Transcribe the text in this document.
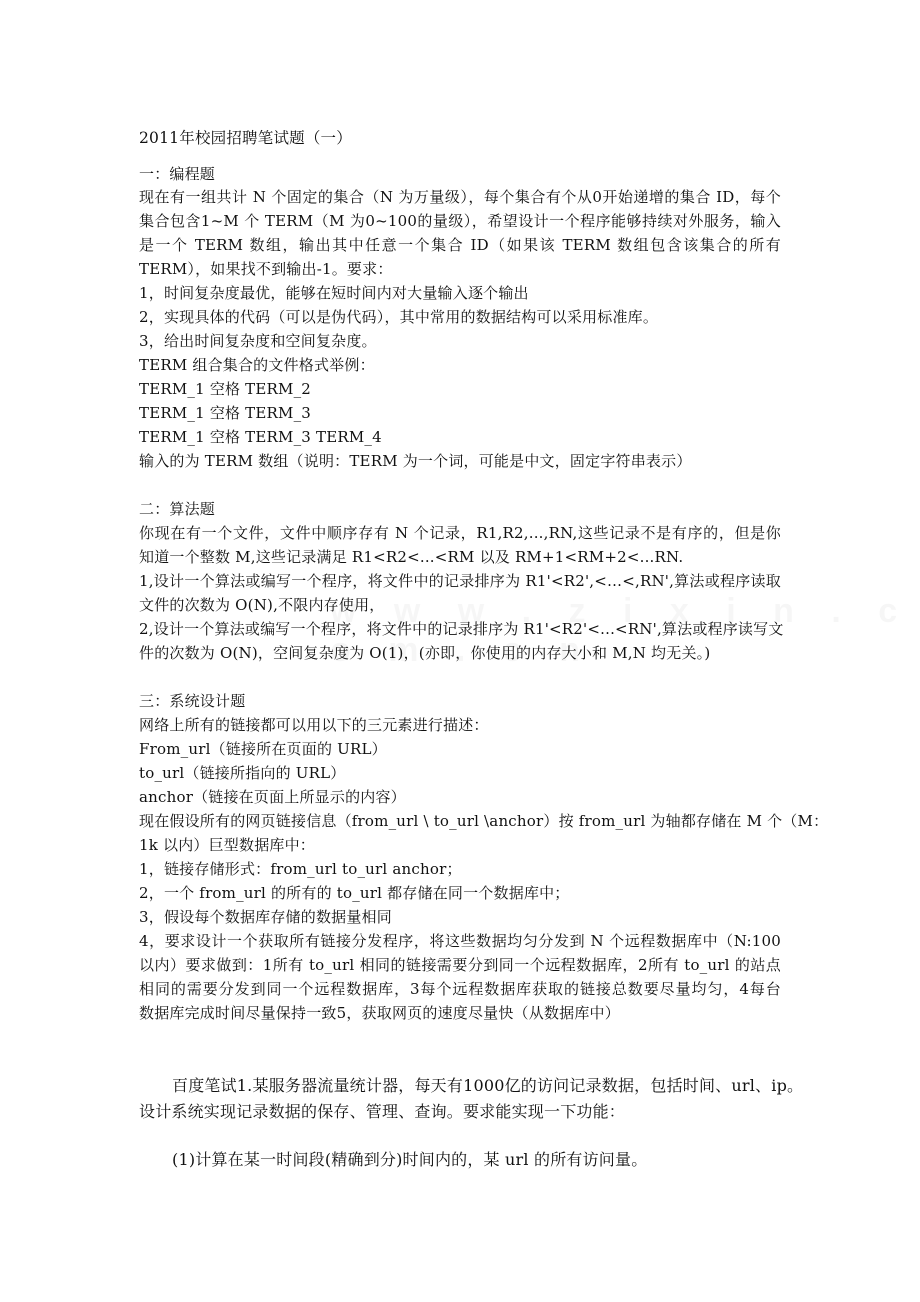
2011年校园招聘笔试题（一）
一：编程题
现在有一组共计 N 个固定的集合（N 为万量级），每个集合有个从0开始递增的集合 ID，每个
集合包含1~M 个 TERM（M 为0~100的量级），希望设计一个程序能够持续对外服务，输入
是一个 TERM 数组，输出其中任意一个集合 ID（如果该 TERM 数组包含该集合的所有
TERM），如果找不到输出-1。要求：
1，时间复杂度最优，能够在短时间内对大量输入逐个输出
2，实现具体的代码（可以是伪代码），其中常用的数据结构可以采用标准库。
3，给出时间复杂度和空间复杂度。
TERM 组合集合的文件格式举例：
TERM_1 空格 TERM_2
TERM_1 空格 TERM_3
TERM_1 空格 TERM_3 TERM_4
输入的为 TERM 数组（说明：TERM 为一个词，可能是中文，固定字符串表示）
二：算法题
你现在有一个文件，文件中顺序存有 N 个记录，R1,R2,...,RN,这些记录不是有序的，但是你
知道一个整数 M,这些记录满足 R1<R2<...<RM 以及 RM+1<RM+2<...RN.
1,设计一个算法或编写一个程序，将文件中的记录排序为 R1'<R2',<…<,RN',算法或程序读取
文件的次数为 O(N),不限内存使用，
2,设计一个算法或编写一个程序，将文件中的记录排序为 R1'<R2'<...<RN',算法或程序读写文
件的次数为 O(N)，空间复杂度为 O(1)，(亦即，你使用的内存大小和 M,N 均无关。)
三：系统设计题
网络上所有的链接都可以用以下的三元素进行描述：
From_url（链接所在页面的 URL）
to_url（链接所指向的 URL）
anchor（链接在页面上所显示的内容）
现在假设所有的网页链接信息（from_url \ to_url \anchor）按 from_url 为轴都存储在 M 个（M：
1k 以内）巨型数据库中：
1，链接存储形式：from_url to_url anchor；
2，一个 from_url 的所有的 to_url 都存储在同一个数据库中；
3，假设每个数据库存储的数据量相同
4，要求设计一个获取所有链接分发程序，将这些数据均匀分发到 N 个远程数据库中（N:100
以内）要求做到：1所有 to_url 相同的链接需要分到同一个远程数据库，2所有 to_url 的站点
相同的需要分发到同一个远程数据库，3每个远程数据库获取的链接总数要尽量均匀，4每台
数据库完成时间尽量保持一致5，获取网页的速度尽量快（从数据库中）
百度笔试1.某服务器流量统计器，每天有1000亿的访问记录数据，包括时间、url、ip。
设计系统实现记录数据的保存、管理、查询。要求能实现一下功能：
(1)计算在某一时间段(精确到分)时间内的，某 url 的所有访问量。
